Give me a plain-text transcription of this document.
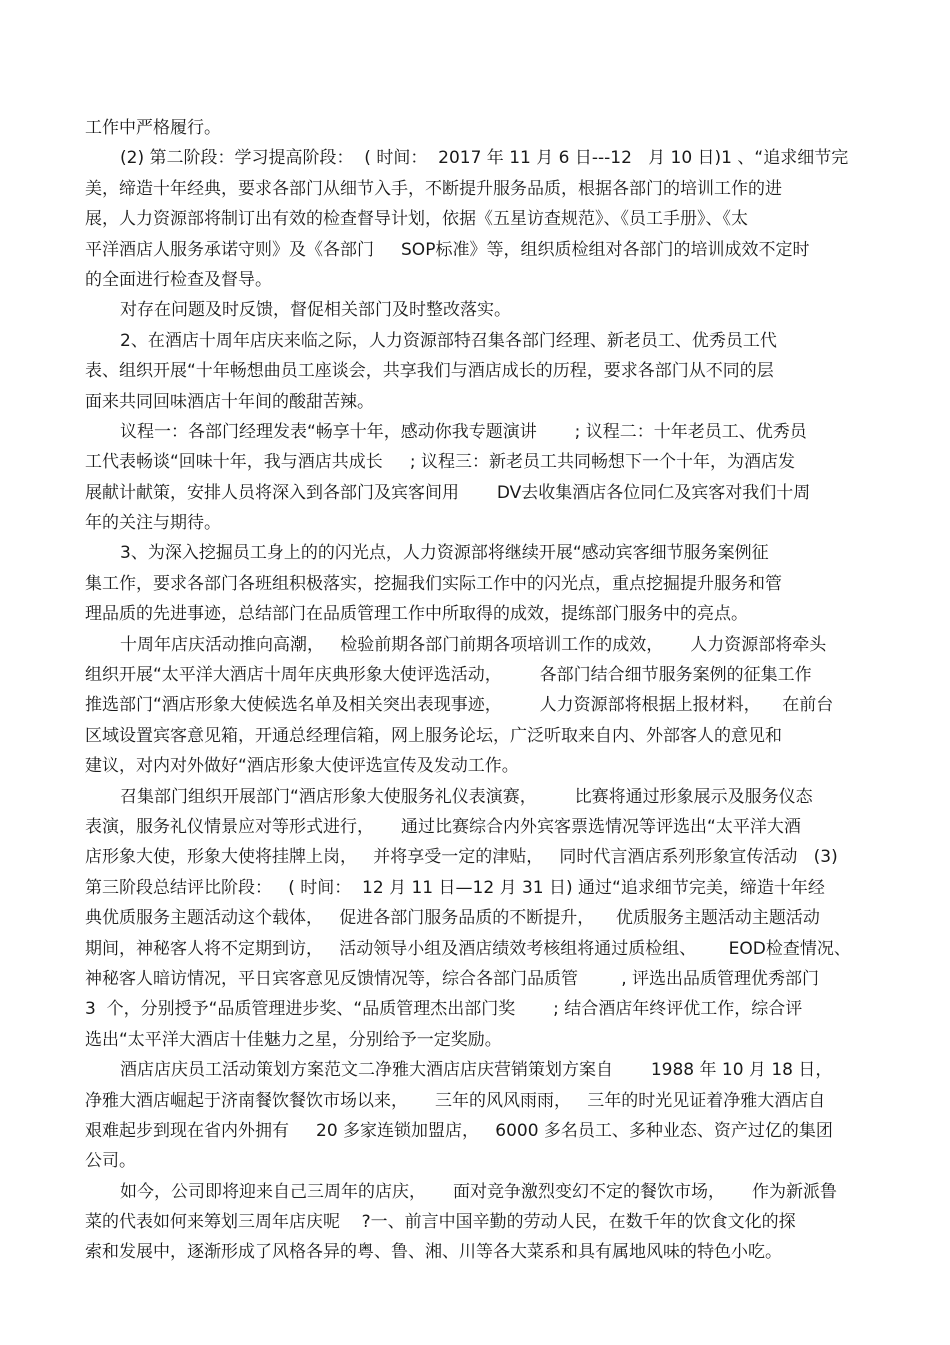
工作中严格履行。
(2) 第二阶段：学习提高阶段：  ( 时间：  2017 年 11 月 6 日---12   月 10 日)1 、“追求细节完
美，缔造十年经典，要求各部门从细节入手，不断提升服务品质，根据各部门的培训工作的进
展，人力资源部将制订出有效的检查督导计划，依据《五星访查规范》、《员工手册》、《太
平洋酒店人服务承诺守则》及《各部门     SOP标准》等，组织质检组对各部门的培训成效不定时
的全面进行检查及督导。
对存在问题及时反馈，督促相关部门及时整改落实。
2、在酒店十周年店庆来临之际，人力资源部特召集各部门经理、新老员工、优秀员工代
表、组织开展“十年畅想曲员工座谈会，共享我们与酒店成长的历程，要求各部门从不同的层
面来共同回味酒店十年间的酸甜苦辣。
议程一：各部门经理发表“畅享十年，感动你我专题演讲       ; 议程二：十年老员工、优秀员
工代表畅谈“回味十年，我与酒店共成长     ; 议程三：新老员工共同畅想下一个十年，为酒店发
展献计献策，安排人员将深入到各部门及宾客间用       DV去收集酒店各位同仁及宾客对我们十周
年的关注与期待。
3、为深入挖掘员工身上的的闪光点，人力资源部将继续开展“感动宾客细节服务案例征
集工作，要求各部门各班组积极落实，挖掘我们实际工作中的闪光点，重点挖掘提升服务和管
理品质的先进事迹，总结部门在品质管理工作中所取得的成效，提练部门服务中的亮点。
十周年店庆活动推向高潮，   检验前期各部门前期各项培训工作的成效，     人力资源部将牵头
组织开展“太平洋大酒店十周年庆典形象大使评选活动，       各部门结合细节服务案例的征集工作
推选部门“酒店形象大使候选名单及相关突出表现事迹，       人力资源部将根据上报材料，    在前台
区域设置宾客意见箱，开通总经理信箱，网上服务论坛，广泛听取来自内、外部客人的意见和
建议，对内对外做好“酒店形象大使评选宣传及发动工作。
召集部门组织开展部门“酒店形象大使服务礼仪表演赛，       比赛将通过形象展示及服务仪态
表演，服务礼仪情景应对等形式进行，     通过比赛综合内外宾客票选情况等评选出“太平洋大酒
店形象大使，形象大使将挂牌上岗，   并将享受一定的津贴，   同时代言酒店系列形象宣传活动   (3)
第三阶段总结评比阶段：   ( 时间：  12 月 11 日—12 月 31 日) 通过“追求细节完美，缔造十年经
典优质服务主题活动这个载体，   促进各部门服务品质的不断提升，    优质服务主题活动主题活动
期间，神秘客人将不定期到访，   活动领导小组及酒店绩效考核组将通过质检组、      EOD检查情况、
神秘客人暗访情况，平日宾客意见反馈情况等，综合各部门品质管        , 评选出品质管理优秀部门
3  个，分别授予“品质管理进步奖、“品质管理杰出部门奖       ; 结合酒店年终评优工作，综合评
选出“太平洋大酒店十佳魅力之星，分别给予一定奖励。
酒店店庆员工活动策划方案范文二净雅大酒店店庆营销策划方案自       1988 年 10 月 18 日，
净雅大酒店崛起于济南餐饮餐饮市场以来，     三年的风风雨雨，   三年的时光见证着净雅大酒店自
艰难起步到现在省内外拥有     20 多家连锁加盟店，   6000 多名员工、多种业态、资产过亿的集团
公司。
如今，公司即将迎来自己三周年的店庆，     面对竞争激烈变幻不定的餐饮市场，     作为新派鲁
菜的代表如何来筹划三周年店庆呢    ?一、前言中国辛勤的劳动人民，在数千年的饮食文化的探
索和发展中，逐渐形成了风格各异的粤、鲁、湘、川等各大菜系和具有属地风味的特色小吃。
